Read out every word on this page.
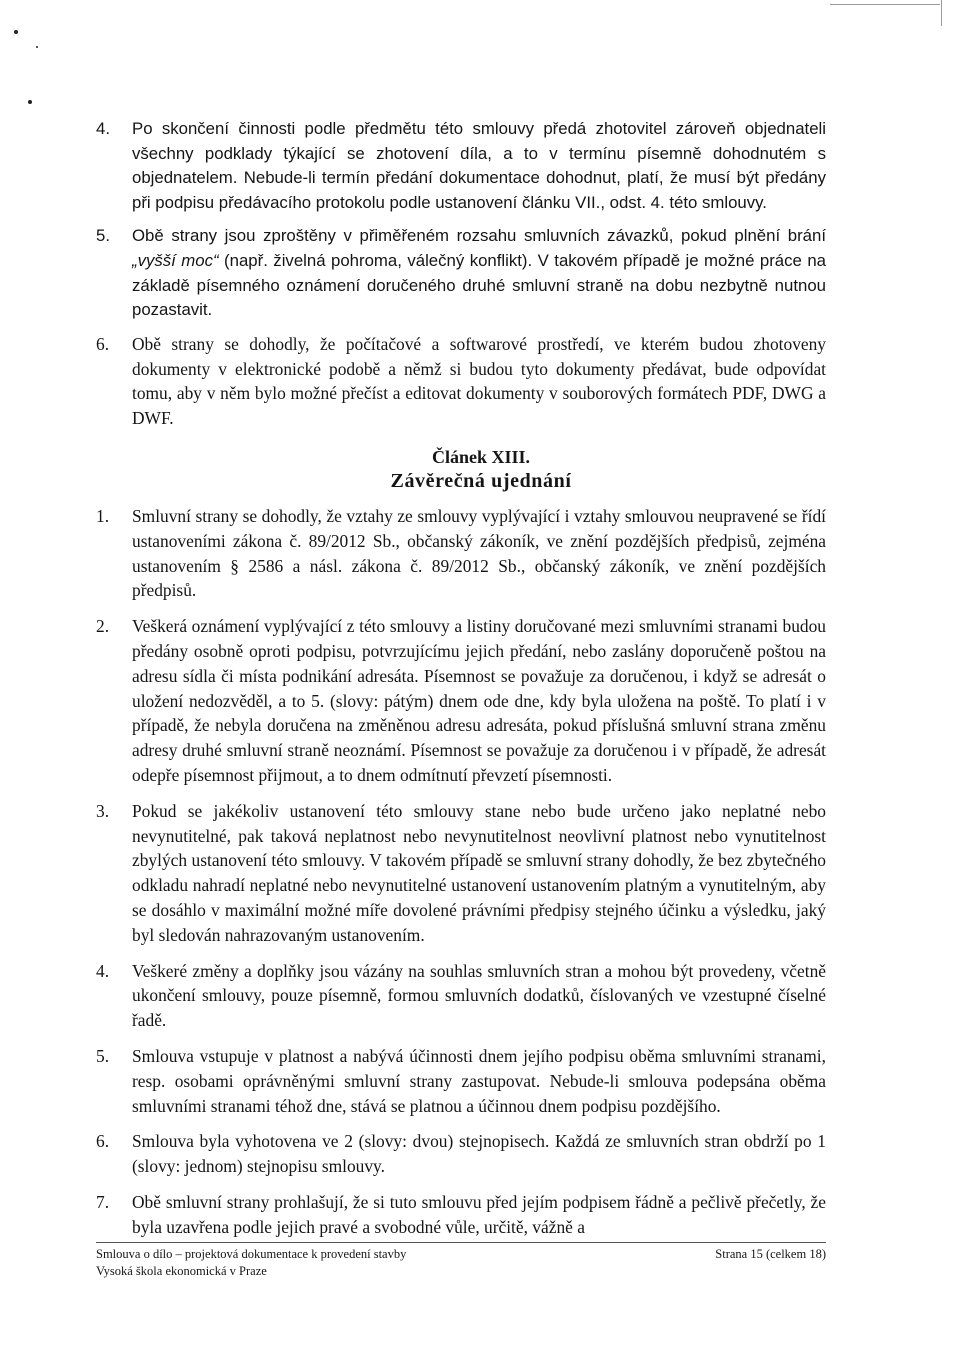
4. Po skončení činnosti podle předmětu této smlouvy předá zhotovitel zároveň objednateli všechny podklady týkající se zhotovení díla, a to v termínu písemně dohodnutém s objednatelem. Nebude-li termín předání dokumentace dohodnut, platí, že musí být předány při podpisu předávacího protokolu podle ustanovení článku VII., odst. 4. této smlouvy.
5. Obě strany jsou zproštěny v přiměřeném rozsahu smluvních závazků, pokud plnění brání „vyšší moc“ (např. živelná pohroma, válečný konflikt). V takovém případě je možné práce na základě písemného oznámení doručeného druhé smluvní straně na dobu nezbytně nutnou pozastavit.
6. Obě strany se dohodly, že počítačové a softwarové prostředí, ve kterém budou zhotoveny dokumenty v elektronické podobě a němž si budou tyto dokumenty předávat, bude odpovídat tomu, aby v něm bylo možné přečíst a editovat dokumenty v souborových formátech PDF, DWG a DWF.
Článek XIII.
Závěrečná ujednání
1. Smluvní strany se dohodly, že vztahy ze smlouvy vyplývající i vztahy smlouvou neupravené se řídí ustanoveními zákona č. 89/2012 Sb., občanský zákoník, ve znění pozdějších předpisů, zejména ustanovením § 2586 a násl. zákona č. 89/2012 Sb., občanský zákoník, ve znění pozdějších předpisů.
2. Veškerá oznámení vyplývající z této smlouvy a listiny doručované mezi smluvními stranami budou předány osobně oproti podpisu, potvrzujícímu jejich předání, nebo zaslány doporučeně poštou na adresu sídla či místa podnikání adresáta. Písemnost se považuje za doručenou, i když se adresát o uložení nedozvěděl, a to 5. (slovy: pátým) dnem ode dne, kdy byla uložena na poště. To platí i v případě, že nebyla doručena na změněnou adresu adresáta, pokud příslušná smluvní strana změnu adresy druhé smluvní straně neoznámí. Písemnost se považuje za doručenou i v případě, že adresát odepře písemnost přijmout, a to dnem odmítnutí převzetí písemnosti.
3. Pokud se jakékoliv ustanovení této smlouvy stane nebo bude určeno jako neplatné nebo nevynutitelné, pak taková neplatnost nebo nevynutitelnost neovlivní platnost nebo vynutitelnost zbylých ustanovení této smlouvy. V takovém případě se smluvní strany dohodly, že bez zbytečného odkladu nahradí neplatné nebo nevynutitelné ustanovení ustanovením platným a vynutitelným, aby se dosáhlo v maximální možné míře dovolené právními předpisy stejného účinku a výsledku, jaký byl sledován nahrazovaným ustanovením.
4. Veškeré změny a doplňky jsou vázány na souhlas smluvních stran a mohou být provedeny, včetně ukončení smlouvy, pouze písemně, formou smluvních dodatků, číslovaných ve vzestupné číselné řadě.
5. Smlouva vstupuje v platnost a nabývá účinnosti dnem jejího podpisu oběma smluvními stranami, resp. osobami oprávněnými smluvní strany zastupovat. Nebude-li smlouva podepsána oběma smluvními stranami téhož dne, stává se platnou a účinnou dnem podpisu pozdějšího.
6. Smlouva byla vyhotovena ve 2 (slovy: dvou) stejnopisech. Každá ze smluvních stran obdrží po 1 (slovy: jednom) stejnopisu smlouvy.
7. Obě smluvní strany prohlašují, že si tuto smlouvu před jejím podpisem řádně a pečlivě přečetly, že byla uzavřena podle jejich pravé a svobodné vůle, určitě, vážně a
Smlouva o dílo – projektová dokumentace k provedení stavby	Strana 15 (celkem 18)
Vysoká škola ekonomická v Praze
